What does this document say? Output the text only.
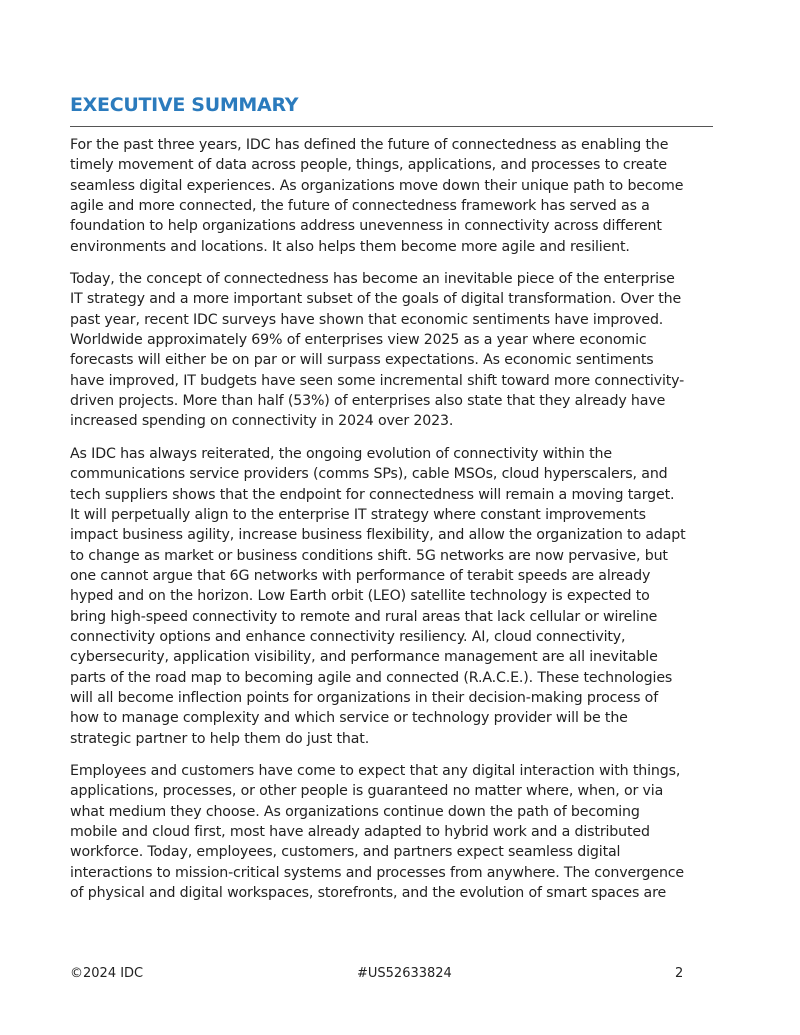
EXECUTIVE SUMMARY

For the past three years, IDC has defined the future of connectedness as enabling the
timely movement of data across people, things, applications, and processes to create
seamless digital experiences. As organizations move down their unique path to become
agile and more connected, the future of connectedness framework has served as a
foundation to help organizations address unevenness in connectivity across different
environments and locations. It also helps them become more agile and resilient.

Today, the concept of connectedness has become an inevitable piece of the enterprise
IT strategy and a more important subset of the goals of digital transformation. Over the
past year, recent IDC surveys have shown that economic sentiments have improved.
Worldwide approximately 69% of enterprises view 2025 as a year where economic
forecasts will either be on par or will surpass expectations. As economic sentiments
have improved, IT budgets have seen some incremental shift toward more connectivity-
driven projects. More than half (53%) of enterprises also state that they already have
increased spending on connectivity in 2024 over 2023.

As IDC has always reiterated, the ongoing evolution of connectivity within the
communications service providers (comms SPs), cable MSOs, cloud hyperscalers, and
tech suppliers shows that the endpoint for connectedness will remain a moving target.
It will perpetually align to the enterprise IT strategy where constant improvements
impact business agility, increase business flexibility, and allow the organization to adapt
to change as market or business conditions shift. 5G networks are now pervasive, but
one cannot argue that 6G networks with performance of terabit speeds are already
hyped and on the horizon. Low Earth orbit (LEO) satellite technology is expected to
bring high-speed connectivity to remote and rural areas that lack cellular or wireline
connectivity options and enhance connectivity resiliency. AI, cloud connectivity,
cybersecurity, application visibility, and performance management are all inevitable
parts of the road map to becoming agile and connected (R.A.C.E.). These technologies
will all become inflection points for organizations in their decision-making process of
how to manage complexity and which service or technology provider will be the
strategic partner to help them do just that.

Employees and customers have come to expect that any digital interaction with things,
applications, processes, or other people is guaranteed no matter where, when, or via
what medium they choose. As organizations continue down the path of becoming
mobile and cloud first, most have already adapted to hybrid work and a distributed
workforce. Today, employees, customers, and partners expect seamless digital
interactions to mission-critical systems and processes from anywhere. The convergence
of physical and digital workspaces, storefronts, and the evolution of smart spaces are

©2024 IDC	#US52633824	2
